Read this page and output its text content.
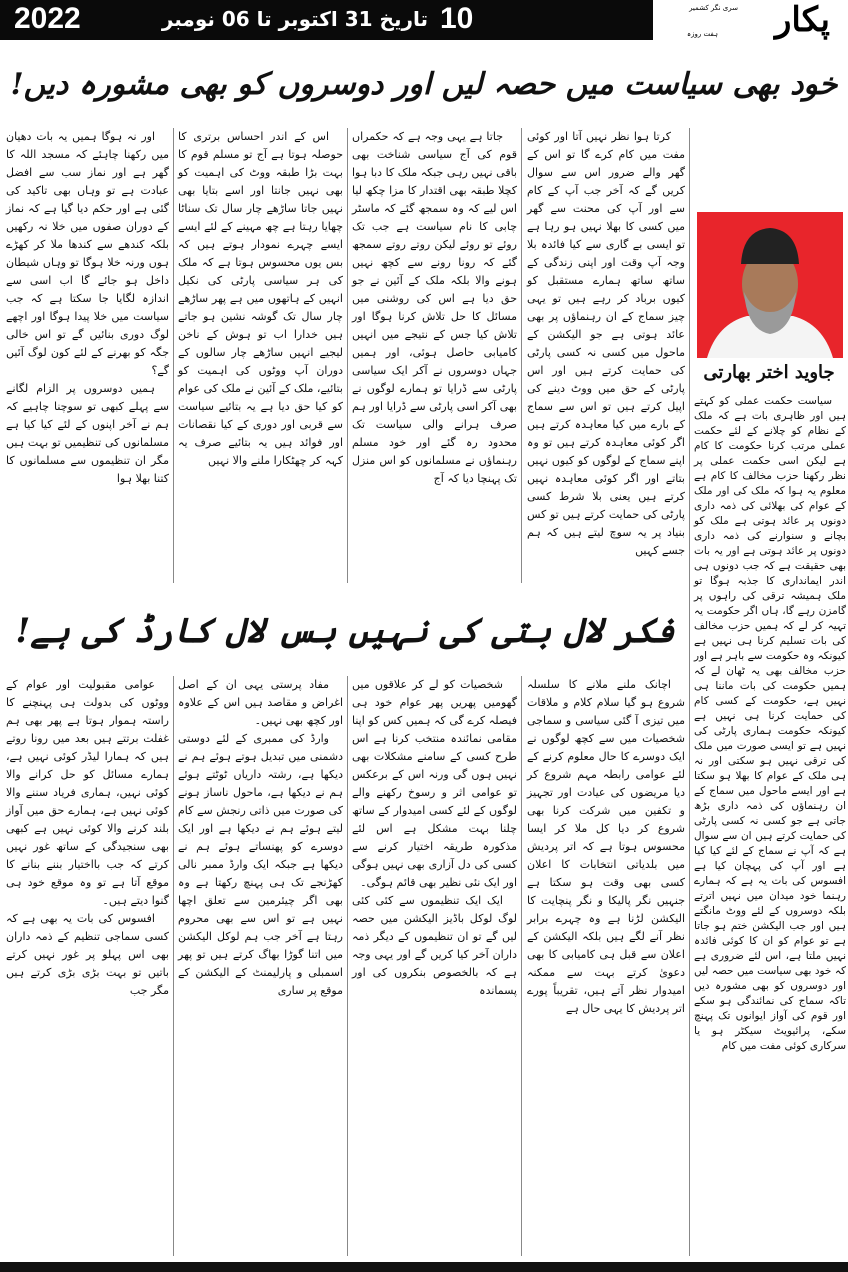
2022	تاریخ 31 اکتوبر تا 06 نومبر 10	پکار
ہفت روزہ
سری نگر کشمیر
خود بھی سیاست میں حصہ لیں اور دوسروں کو بھی مشورہ دیں!

کرتا ہوا نظر نہیں آتا اور کوئی مفت میں کام کرے گا تو اس کے گھر والے ضرور اس سے سوال کریں گے کہ آخر جب آپ کے کام سے اور آپ کی محنت سے گھر میں کسی کا بھلا نہیں ہو رہا ہے تو ایسی بے گاری سے کیا فائدہ بلا وجہ آپ وقت اور اپنی زندگی کے ساتھ ساتھ ہمارے مستقبل کو کیوں برباد کر رہے ہیں تو یہی چیز سماج کے ان رہنماؤں پر بھی عائد ہوتی ہے جو الیکشن کے ماحول میں کسی نہ کسی پارٹی کی حمایت کرتے ہیں اور اس پارٹی کے حق میں ووٹ دینے کی اپیل کرتے ہیں تو اس سے سماج کے بارے میں کیا معاہدہ کرتے ہیں اگر کوئی معاہدہ کرتے ہیں تو وہ اپنے سماج کے لوگوں کو کیوں نہیں بتاتے اور اگر کوئی معاہدہ نہیں کرتے ہیں یعنی بلا شرط کسی پارٹی کی حمایت کرتے ہیں تو کس بنیاد پر یہ سوچ لیتے ہیں کہ ہم جسے کہیں

جاتا ہے یہی وجہ ہے کہ حکمراں قوم کی آج سیاسی شناخت بھی باقی نہیں رہی جبکہ ملک کا دبا ہوا کچلا طبقہ بھی اقتدار کا مزا چکھ لیا اس لیے کہ وہ سمجھ گئے کہ ماسٹر چابی کا نام سیاست ہے جب تک روئے تو روئے لیکن روتے روتے سمجھ گئے کہ رونا رونے سے کچھ نہیں ہونے والا بلکہ ملک کے آئین نے جو حق دیا ہے اس کی روشنی میں مسائل کا حل تلاش کرنا ہوگا اور تلاش کیا جس کے نتیجے میں انہیں کامیابی حاصل ہوئی، اور ہمیں جہاں دوسروں نے آکر ایک سیاسی پارٹی سے ڈرایا تو ہمارے لوگوں نے بھی آکر اسی پارٹی سے ڈرایا اور ہم صرف ہرانے والی سیاست تک محدود رہ گئے اور خود مسلم رہنماؤں نے مسلمانوں کو اس منزل تک پہنچا دیا کہ آج

اس کے اندر احساس برتری کا حوصلہ ہوتا ہے آج تو مسلم قوم کا بہت بڑا طبقہ ووٹ کی اہمیت کو بھی نہیں جانتا اور اسے بتایا بھی نہیں جاتا ساڑھے چار سال تک سناٹا چھایا رہتا ہے چھ مہینے کے لئے ایسے ایسے چہرے نمودار ہوتے ہیں کہ بس یوں محسوس ہوتا ہے کہ ملک کی ہر سیاسی پارٹی کی نکیل انہیں کے ہاتھوں میں ہے پھر ساڑھے چار سال تک گوشہ نشین ہو جاتے ہیں خدارا اب تو ہوش کے ناخن لیجیے انہیں ساڑھے چار سالوں کے دوران آپ ووٹوں کی اہمیت کو بتائیے، ملک کے آئین نے ملک کی عوام کو کیا حق دیا ہے یہ بتائیے سیاست سے قربی اور دوری کے کیا نقصانات اور فوائد ہیں یہ بتائیے صرف یہ کہہ کر چھٹکارا ملنے والا نہیں

اور نہ ہوگا ہمیں یہ بات دھیان میں رکھنا چاہئے کہ مسجد اللہ کا گھر ہے اور نماز سب سے افضل عبادت ہے تو وہاں بھی تاکید کی گئی ہے اور حکم دیا گیا ہے کہ نماز کے دوران صفوں میں خلا نہ رکھیں بلکہ کندھے سے کندھا ملا کر کھڑے ہوں ورنہ خلا ہوگا تو وہاں شیطان داخل ہو جائے گا اب اسی سے اندازہ لگایا جا سکتا ہے کہ جب سیاست میں خلا پیدا ہوگا اور اچھے لوگ دوری بنائیں گے تو اس خالی جگہ کو بھرنے کے لئے کون لوگ آئیں گے؟

ہمیں دوسروں پر الزام لگانے سے پہلے کبھی تو سوچنا چاہیے کہ ہم نے آخر اپنوں کے لئے کیا کیا ہے مسلمانوں کی تنظیمیں تو بہت ہیں مگر ان تنظیموں سے مسلمانوں کا کتنا بھلا ہوا

جاوید اختر بھارتی

سیاست حکمت عملی کو کہتے ہیں اور ظاہری بات ہے کہ ملک کے نظام کو چلانے کے لئے حکمت عملی مرتب کرنا حکومت کا کام ہے لیکن اسی حکمت عملی پر نظر رکھنا حزب مخالف کا کام ہے معلوم یہ ہوا کہ ملک کی اور ملک کے عوام کی بھلائی کی ذمہ داری دونوں پر عائد ہوتی ہے ملک کو بچانے و سنوارنے کی ذمہ داری دونوں پر عائد ہوتی ہے اور یہ بات بھی حقیقت ہے کہ جب دونوں ہی اندر ایمانداری کا جذبہ ہوگا تو ملک ہمیشہ ترقی کی راہوں پر گامزن رہے گا، ہاں اگر حکومت یہ تہیہ کر لے کہ ہمیں حزب مخالف کی بات تسلیم کرنا ہی نہیں ہے کیونکہ وہ حکومت سے باہر ہے اور حزب مخالف بھی یہ ٹھان لے کہ ہمیں حکومت کی بات ماننا ہی نہیں ہے، حکومت کے کسی کام کی حمایت کرنا ہی نہیں ہے کیونکہ حکومت ہماری پارٹی کی نہیں ہے تو ایسی صورت میں ملک کی ترقی نہیں ہو سکتی اور نہ ہی ملک کے عوام کا بھلا ہو سکتا ہے اور ایسے ماحول میں سماج کے ان رہنماؤں کی ذمہ داری بڑھ جاتی ہے جو کسی نہ کسی پارٹی کی حمایت کرتے ہیں ان سے سوال ہے کہ آپ نے سماج کے لئے کیا کیا ہے اور آپ کی پہچان کیا ہے افسوس کی بات یہ ہے کہ ہمارے رہنما خود میدان میں نہیں اترتے بلکہ دوسروں کے لئے ووٹ مانگتے ہیں اور جب الیکشن ختم ہو جاتا ہے تو عوام کو ان کا کوئی فائدہ نہیں ملتا ہے، اس لئے ضروری ہے کہ خود بھی سیاست میں حصہ لیں اور دوسروں کو بھی مشورہ دیں تاکہ سماج کی نمائندگی ہو سکے اور قوم کی آواز ایوانوں تک پہنچ سکے، پرائیویٹ سیکٹر ہو یا سرکاری کوئی مفت میں کام

فکر لال بتی کی نہیں بس لال کارڈ کی ہے!

اچانک ملنے ملانے کا سلسلہ شروع ہو گیا سلام کلام و ملاقات میں تیزی آ گئی سیاسی و سماجی شخصیات میں سے کچھ لوگوں نے ایک دوسرے کا حال معلوم کرنے کے لئے عوامی رابطہ مہم شروع کر دیا مریضوں کی عیادت اور تجہیز و تکفین میں شرکت کرنا بھی شروع کر دیا کل ملا کر ایسا محسوس ہوتا ہے کہ اتر پردیش میں بلدیاتی انتخابات کا اعلان کسی بھی وقت ہو سکتا ہے جنہیں نگر پالیکا و نگر پنچایت کا الیکشن لڑنا ہے وہ چہرے برابر نظر آنے لگے ہیں بلکہ الیکشن کے اعلان سے قبل ہی کامیابی کا بھی دعویٰ کرتے بہت سے ممکنہ امیدوار نظر آتے ہیں، تقریباً پورے اتر پردیش کا یہی حال ہے

شخصیات کو لے کر علاقوں میں گھومیں پھریں پھر عوام خود ہی فیصلہ کرے گی کہ ہمیں کس کو اپنا مقامی نمائندہ منتخب کرنا ہے اس طرح کسی کے سامنے مشکلات بھی نہیں ہوں گی ورنہ اس کے برعکس تو عوامی اثر و رسوخ رکھنے والے لوگوں کے لئے کسی امیدوار کے ساتھ چلنا بہت مشکل ہے اس لئے مذکورہ طریقہ اختیار کرنے سے کسی کی دل آزاری بھی نہیں ہوگی اور ایک نئی نظیر بھی قائم ہوگی۔

ایک ایک تنظیموں سے کئی کئی لوگ لوکل باڈیز الیکشن میں حصہ لیں گے تو ان تنظیموں کے دیگر ذمہ داران آخر کیا کریں گے اور یہی وجہ ہے کہ بالخصوص بنکروں کی اور پسماندہ

مفاد پرستی یہی ان کے اصل اغراض و مقاصد ہیں اس کے علاوہ اور کچھ بھی نہیں۔

وارڈ کی ممبری کے لئے دوستی دشمنی میں تبدیل ہوتے ہوئے ہم نے دیکھا ہے، رشتہ داریاں ٹوٹتے ہوئے ہم نے دیکھا ہے، ماحول ناساز ہونے کی صورت میں ذاتی رنجش سے کام لیتے ہوئے ہم نے دیکھا ہے اور ایک دوسرے کو پھنساتے ہوئے ہم نے دیکھا ہے جبکہ ایک وارڈ ممبر نالی کھڑنجے تک ہی پہنچ رکھتا ہے وہ بھی اگر چیئرمین سے تعلق اچھا نہیں ہے تو اس سے بھی محروم رہتا ہے آخر جب ہم لوکل الیکشن میں اتنا گوڑا بھاگ کرتے ہیں تو پھر اسمبلی و پارلیمنٹ کے الیکشن کے موقع پر ساری

عوامی مقبولیت اور عوام کے ووٹوں کی بدولت ہی پہنچنے کا راستہ ہموار ہوتا ہے پھر بھی ہم غفلت برتتے ہیں بعد میں رونا روتے ہیں کہ ہمارا لیڈر کوئی نہیں ہے، ہمارے مسائل کو حل کرانے والا کوئی نہیں، ہماری فریاد سننے والا کوئی نہیں ہے، ہمارے حق میں آواز بلند کرنے والا کوئی نہیں ہے کبھی بھی سنجیدگی کے ساتھ غور نہیں کرتے کہ جب بااختیار بننے بنانے کا موقع آتا ہے تو وہ موقع خود ہی گنوا دیتے ہیں۔

افسوس کی بات یہ بھی ہے کہ کسی سماجی تنظیم کے ذمہ داران بھی اس پہلو پر غور نہیں کرتے باتیں تو بہت بڑی بڑی کرتے ہیں مگر جب
